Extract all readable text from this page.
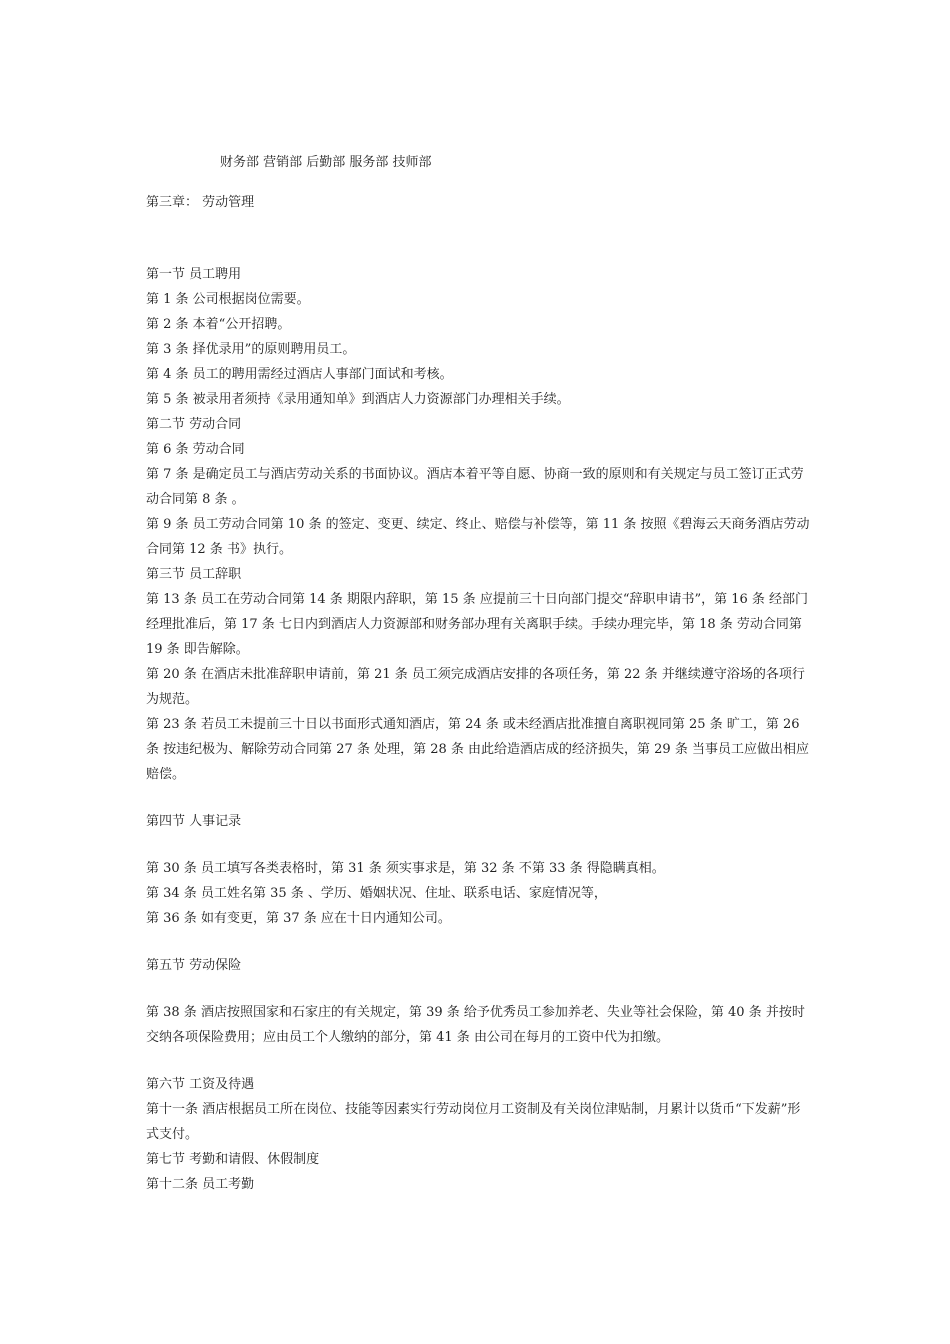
财务部 营销部 后勤部 服务部 技师部
第三章： 劳动管理
第一节 员工聘用
第 1 条 公司根据岗位需要。
第 2 条 本着“公开招聘。
第 3 条 择优录用”的原则聘用员工。
第 4 条 员工的聘用需经过酒店人事部门面试和考核。
第 5 条 被录用者须持《录用通知单》到酒店人力资源部门办理相关手续。
第二节 劳动合同
第 6 条 劳动合同
第 7 条 是确定员工与酒店劳动关系的书面协议。酒店本着平等自愿、协商一致的原则和有关规定与员工签订正式劳动合同第 8 条 。
第 9 条 员工劳动合同第 10 条 的签定、变更、续定、终止、赔偿与补偿等，第 11 条 按照《碧海云天商务酒店劳动合同第 12 条 书》执行。
第三节 员工辞职
第 13 条 员工在劳动合同第 14 条 期限内辞职，第 15 条 应提前三十日向部门提交“辞职申请书”，第 16 条 经部门经理批准后，第 17 条 七日内到酒店人力资源部和财务部办理有关离职手续。手续办理完毕，第 18 条 劳动合同第 19 条 即告解除。
第 20 条 在酒店未批准辞职申请前，第 21 条 员工须完成酒店安排的各项任务，第 22 条 并继续遵守浴场的各项行为规范。
第 23 条 若员工未提前三十日以书面形式通知酒店，第 24 条 或未经酒店批准擅自离职视同第 25 条 旷工，第 26 条 按违纪极为、解除劳动合同第 27 条 处理，第 28 条 由此给造酒店成的经济损失，第 29 条 当事员工应做出相应赔偿。
第四节 人事记录
第 30 条 员工填写各类表格时，第 31 条 须实事求是，第 32 条 不第 33 条 得隐瞒真相。
第 34 条 员工姓名第 35 条 、学历、婚姻状况、住址、联系电话、家庭情况等，
第 36 条 如有变更，第 37 条 应在十日内通知公司。
第五节 劳动保险
第 38 条 酒店按照国家和石家庄的有关规定，第 39 条 给予优秀员工参加养老、失业等社会保险，第 40 条 并按时交纳各项保险费用；应由员工个人缴纳的部分，第 41 条 由公司在每月的工资中代为扣缴。
第六节 工资及待遇
第十一条 酒店根据员工所在岗位、技能等因素实行劳动岗位月工资制及有关岗位津贴制，月累计以货币“下发薪”形式支付。
第七节 考勤和请假、休假制度
第十二条 员工考勤
